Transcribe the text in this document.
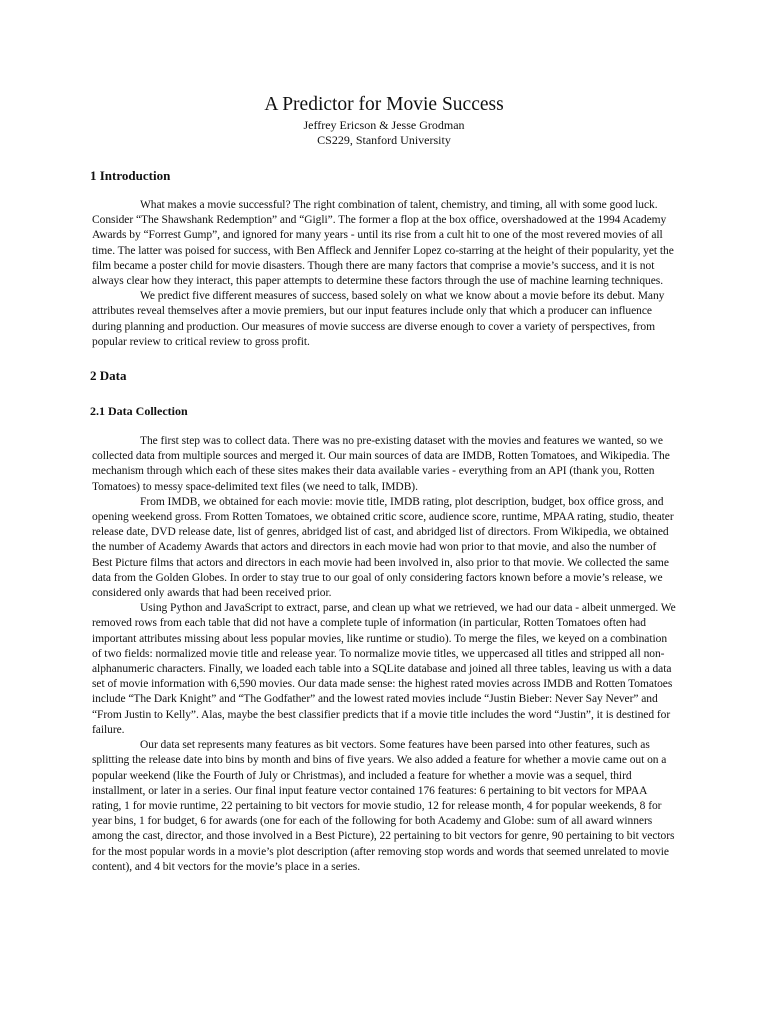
A Predictor for Movie Success

Jeffrey Ericson & Jesse Grodman

CS229, Stanford University

1 Introduction

What makes a movie successful? The right combination of talent, chemistry, and timing, all with some good luck. Consider “The Shawshank Redemption” and “Gigli”. The former a flop at the box office, overshadowed at the 1994 Academy Awards by “Forrest Gump”, and ignored for many years - until its rise from a cult hit to one of the most revered movies of all time. The latter was poised for success, with Ben Affleck and Jennifer Lopez co-starring at the height of their popularity, yet the film became a poster child for movie disasters. Though there are many factors that comprise a movie’s success, and it is not always clear how they interact, this paper attempts to determine these factors through the use of machine learning techniques.

We predict five different measures of success, based solely on what we know about a movie before its debut. Many attributes reveal themselves after a movie premiers, but our input features include only that which a producer can influence during planning and production. Our measures of movie success are diverse enough to cover a variety of perspectives, from popular review to critical review to gross profit.

2 Data
2.1 Data Collection

The first step was to collect data. There was no pre-existing dataset with the movies and features we wanted, so we collected data from multiple sources and merged it. Our main sources of data are IMDB, Rotten Tomatoes, and Wikipedia. The mechanism through which each of these sites makes their data available varies - everything from an API (thank you, Rotten Tomatoes) to messy space-delimited text files (we need to talk, IMDB).

From IMDB, we obtained for each movie: movie title, IMDB rating, plot description, budget, box office gross, and opening weekend gross. From Rotten Tomatoes, we obtained critic score, audience score, runtime, MPAA rating, studio, theater release date, DVD release date, list of genres, abridged list of cast, and abridged list of directors. From Wikipedia, we obtained the number of Academy Awards that actors and directors in each movie had won prior to that movie, and also the number of Best Picture films that actors and directors in each movie had been involved in, also prior to that movie. We collected the same data from the Golden Globes. In order to stay true to our goal of only considering factors known before a movie’s release, we considered only awards that had been received prior.

Using Python and JavaScript to extract, parse, and clean up what we retrieved, we had our data - albeit unmerged. We removed rows from each table that did not have a complete tuple of information (in particular, Rotten Tomatoes often had important attributes missing about less popular movies, like runtime or studio). To merge the files, we keyed on a combination of two fields: normalized movie title and release year. To normalize movie titles, we uppercased all titles and stripped all non-alphanumeric characters. Finally, we loaded each table into a SQLite database and joined all three tables, leaving us with a data set of movie information with 6,590 movies. Our data made sense: the highest rated movies across IMDB and Rotten Tomatoes include “The Dark Knight” and “The Godfather” and the lowest rated movies include “Justin Bieber: Never Say Never” and “From Justin to Kelly”. Alas, maybe the best classifier predicts that if a movie title includes the word “Justin”, it is destined for failure.

Our data set represents many features as bit vectors. Some features have been parsed into other features, such as splitting the release date into bins by month and bins of five years. We also added a feature for whether a movie came out on a popular weekend (like the Fourth of July or Christmas), and included a feature for whether a movie was a sequel, third installment, or later in a series. Our final input feature vector contained 176 features: 6 pertaining to bit vectors for MPAA rating, 1 for movie runtime, 22 pertaining to bit vectors for movie studio, 12 for release month, 4 for popular weekends, 8 for year bins, 1 for budget, 6 for awards (one for each of the following for both Academy and Globe: sum of all award winners among the cast, director, and those involved in a Best Picture), 22 pertaining to bit vectors for genre, 90 pertaining to bit vectors for the most popular words in a movie’s plot description (after removing stop words and words that seemed unrelated to movie content), and 4 bit vectors for the movie’s place in a series.
